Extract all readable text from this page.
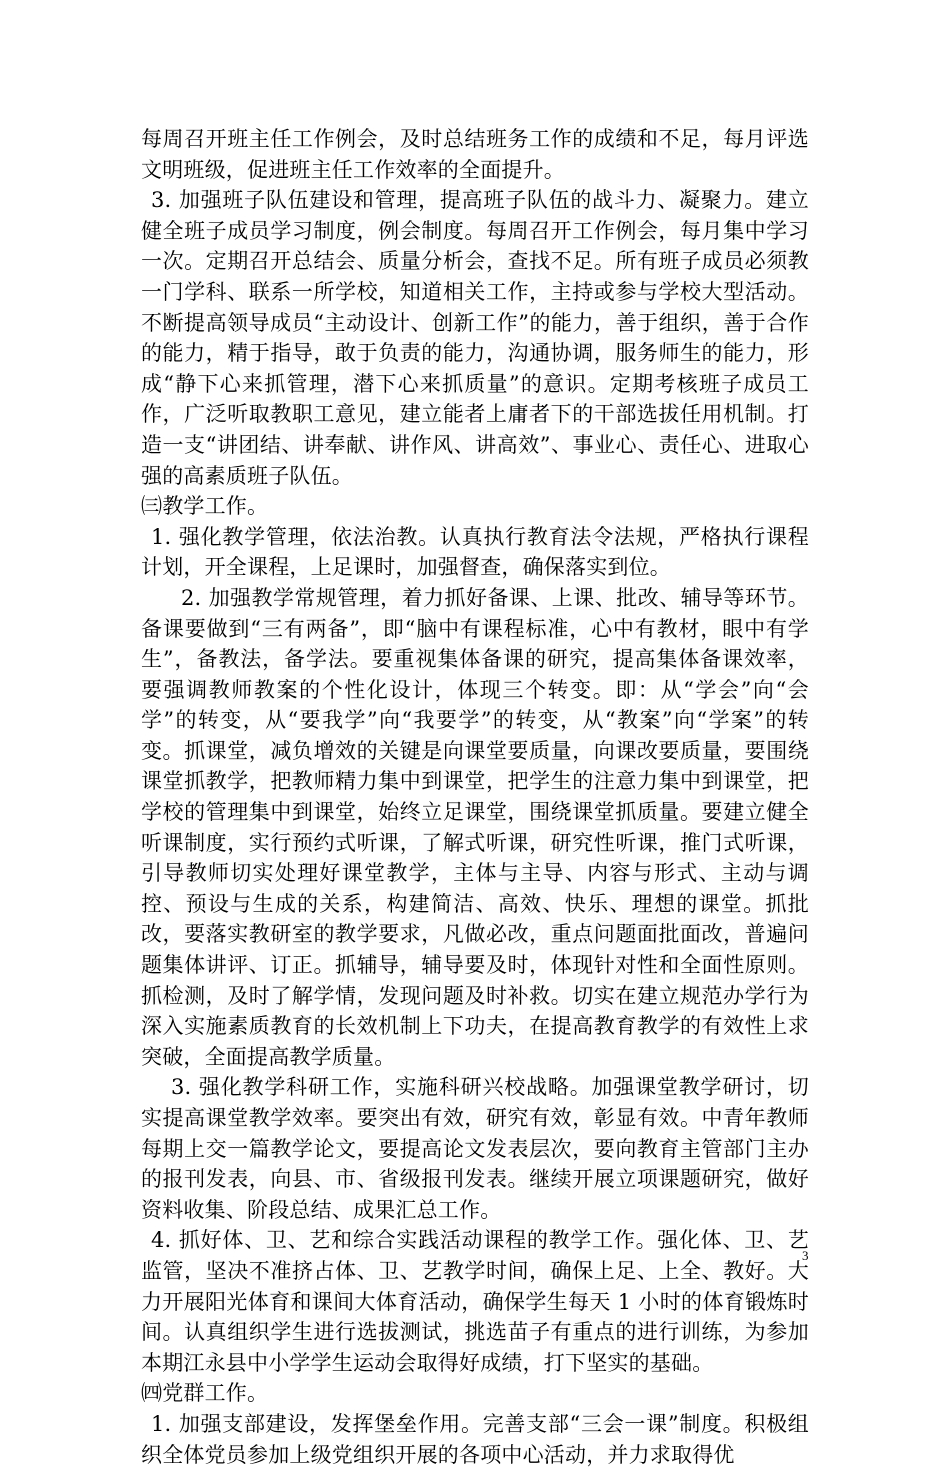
每周召开班主任工作例会，及时总结班务工作的成绩和不足，每月评选文明班级，促进班主任工作效率的全面提升。

3. 加强班子队伍建设和管理，提高班子队伍的战斗力、凝聚力。建立健全班子成员学习制度，例会制度。每周召开工作例会，每月集中学习一次。定期召开总结会、质量分析会，查找不足。所有班子成员必须教一门学科、联系一所学校，知道相关工作，主持或参与学校大型活动。不断提高领导成员“主动设计、创新工作”的能力，善于组织，善于合作的能力，精于指导，敢于负责的能力，沟通协调，服务师生的能力，形成“静下心来抓管理，潜下心来抓质量”的意识。定期考核班子成员工作，广泛听取教职工意见，建立能者上庸者下的干部选拔任用机制。打造一支“讲团结、讲奉献、讲作风、讲高效”、事业心、责任心、进取心强的高素质班子队伍。

㈢教学工作。

1. 强化教学管理，依法治教。认真执行教育法令法规，严格执行课程计划，开全课程，上足课时，加强督查，确保落实到位。

2. 加强教学常规管理，着力抓好备课、上课、批改、辅导等环节。备课要做到“三有两备”，即“脑中有课程标准，心中有教材，眼中有学生”，备教法，备学法。要重视集体备课的研究，提高集体备课效率，要强调教师教案的个性化设计，体现三个转变。即：从“学会”向“会学”的转变，从“要我学”向“我要学”的转变，从“教案”向“学案”的转变。抓课堂，减负增效的关键是向课堂要质量，向课改要质量，要围绕课堂抓教学，把教师精力集中到课堂，把学生的注意力集中到课堂，把学校的管理集中到课堂，始终立足课堂，围绕课堂抓质量。要建立健全听课制度，实行预约式听课，了解式听课，研究性听课，推门式听课，引导教师切实处理好课堂教学，主体与主导、内容与形式、主动与调控、预设与生成的关系，构建简洁、高效、快乐、理想的课堂。抓批改，要落实教研室的教学要求，凡做必改，重点问题面批面改，普遍问题集体讲评、订正。抓辅导，辅导要及时，体现针对性和全面性原则。抓检测，及时了解学情，发现问题及时补救。切实在建立规范办学行为深入实施素质教育的长效机制上下功夫，在提高教育教学的有效性上求突破，全面提高教学质量。

3. 强化教学科研工作，实施科研兴校战略。加强课堂教学研讨，切实提高课堂教学效率。要突出有效，研究有效，彰显有效。中青年教师每期上交一篇教学论文，要提高论文发表层次，要向教育主管部门主办的报刊发表，向县、市、省级报刊发表。继续开展立项课题研究，做好资料收集、阶段总结、成果汇总工作。

4. 抓好体、卫、艺和综合实践活动课程的教学工作。强化体、卫、艺监管，坚决不准挤占体、卫、艺教学时间，确保上足、上全、教好。大力开展阳光体育和课间大体育活动，确保学生每天 1 小时的体育锻炼时间。认真组织学生进行选拔测试，挑选苗子有重点的进行训练，为参加本期江永县中小学学生运动会取得好成绩，打下坚实的基础。

㈣党群工作。

1. 加强支部建设，发挥堡垒作用。完善支部“三会一课”制度。积极组织全体党员参加上级党组织开展的各项中心活动，并力求取得优

3
